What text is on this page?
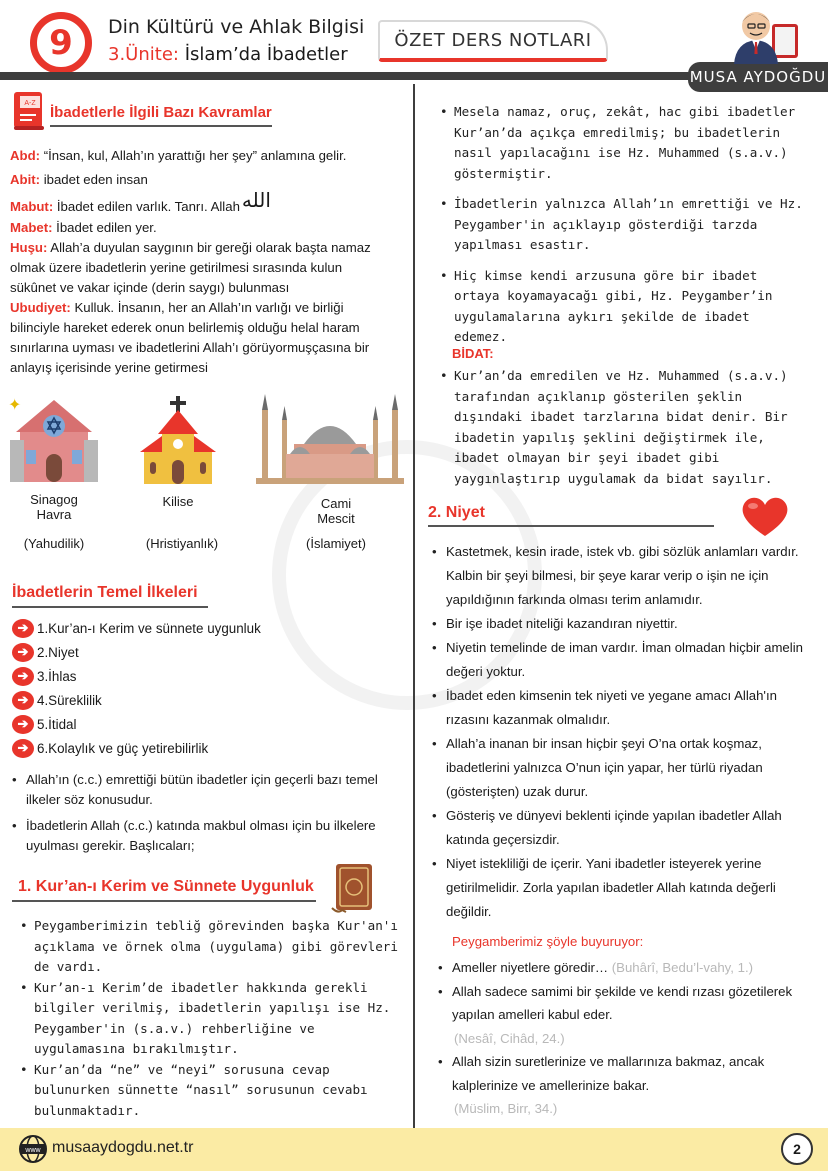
9 Din Kültürü ve Ahlak Bilgisi
3.Ünite: İslam’da İbadetler
ÖZET DERS NOTLARI
MUSA AYDOĞDU
A-Z
İbadetlerle İlgili Bazı Kavramlar
Abd: “İnsan, kul, Allah’ın yarattığı her şey” anlamına gelir.
Abit: ibadet eden insan
Mabut: İbadet edilen varlık. Tanrı. Allah الله
Mabet: İbadet edilen yer.
Huşu: Allah’a duyulan saygının bir gereği olarak başta namaz olmak üzere ibadetlerin yerine getirilmesi sırasında kulun sükûnet ve vakar içinde (derin saygı) bulunması
Ubudiyet: Kulluk. İnsanın, her an Allah’ın varlığı ve birliği bilinciyle hareket ederek onun belirlemiş olduğu helal haram sınırlarına uyması ve ibadetlerini Allah’ı görüyormuşçasına bir anlayış içerisinde yerine getirmesi
✦
Sinagog
Havra
Kilise	Cami
Mescit
(Yahudilik)	(Hristiyanlık)	(İslamiyet)
İbadetlerin Temel İlkeleri
➔ 1. Kur’an-ı Kerim ve sünnete uygunluk
➔ 2. Niyet
➔ 3. İhlas
➔ 4. Süreklilik
➔ 5. İtidal
➔ 6. Kolaylık ve güç yetirebilirlik
• Allah’ın (c.c.) emrettiği bütün ibadetler için geçerli bazı temel ilkeler söz konusudur.
• İbadetlerin Allah (c.c.) katında makbul olması için bu ilkelere uyulması gerekir. Başlıcaları;
1. Kur’an-ı Kerim ve Sünnete Uygunluk
• Peygamberimizin tebliğ görevinden başka Kur'an'ı açıklama ve örnek olma (uygulama) gibi görevleri de vardı.
• Kur’an-ı Kerim’de ibadetler hakkında gerekli bilgiler verilmiş, ibadetlerin yapılışı ise Hz. Peygamber'in (s.a.v.) rehberliğine ve uygulamasına bırakılmıştır.
• Kur’an’da “ne” ve “neyi” sorusuna cevap bulunurken sünnette “nasıl” sorusunun cevabı bulunmaktadır.
• Mesela namaz, oruç, zekât, hac gibi ibadetler Kur’an’da açıkça emredilmiş; bu ibadetlerin nasıl yapılacağını ise Hz. Muhammed (s.a.v.) göstermiştir.
• İbadetlerin yalnızca Allah’ın emrettiği ve Hz. Peygamber'in açıklayıp gösterdiği tarzda yapılması esastır.
• Hiç kimse kendi arzusuna göre bir ibadet ortaya koyamayacağı gibi, Hz. Peygamber’in uygulamalarına aykırı şekilde de ibadet edemez.
BİDAT:
• Kur’an’da emredilen ve Hz. Muhammed (s.a.v.) tarafından açıklanıp gösterilen şeklin dışındaki ibadet tarzlarına bidat denir. Bir ibadetin yapılış şeklini değiştirmek ile, ibadet olmayan bir şeyi ibadet gibi yaygınlaştırıp uygulamak da bidat sayılır.
2. Niyet
• Kastetmek, kesin irade, istek vb. gibi sözlük anlamları vardır. Kalbin bir şeyi bilmesi, bir şeye karar verip o işin ne için yapıldığının farkında olması terim anlamıdır.
• Bir işe ibadet niteliği kazandıran niyettir.
• Niyetin temelinde de iman vardır. İman olmadan hiçbir amelin değeri yoktur.
• İbadet eden kimsenin tek niyeti ve yegane amacı Allah'ın rızasını kazanmak olmalıdır.
• Allah’a inanan bir insan hiçbir şeyi O’na ortak koşmaz, ibadetlerini yalnızca O’nun için yapar, her türlü riyadan (gösterişten) uzak durur.
• Gösteriş ve dünyevi beklenti içinde yapılan ibadetler Allah katında geçersizdir.
• Niyet istekliliği de içerir. Yani ibadetler isteyerek yerine getirilmelidir. Zorla yapılan ibadetler Allah katında değerli değildir.
Peygamberimiz şöyle buyuruyor:
• Ameller niyetlere göredir… (Buhârî, Bedu’l-vahy, 1.)
• Allah sadece samimi bir şekilde ve kendi rızası gözetilerek yapılan amelleri kabul eder.
(Nesâî, Cihâd, 24.)
• Allah sizin suretlerinize ve mallarınıza bakmaz, ancak kalplerinize ve amellerinize bakar.
(Müslim, Birr, 34.)
www musaaydogdu.net.tr	2
